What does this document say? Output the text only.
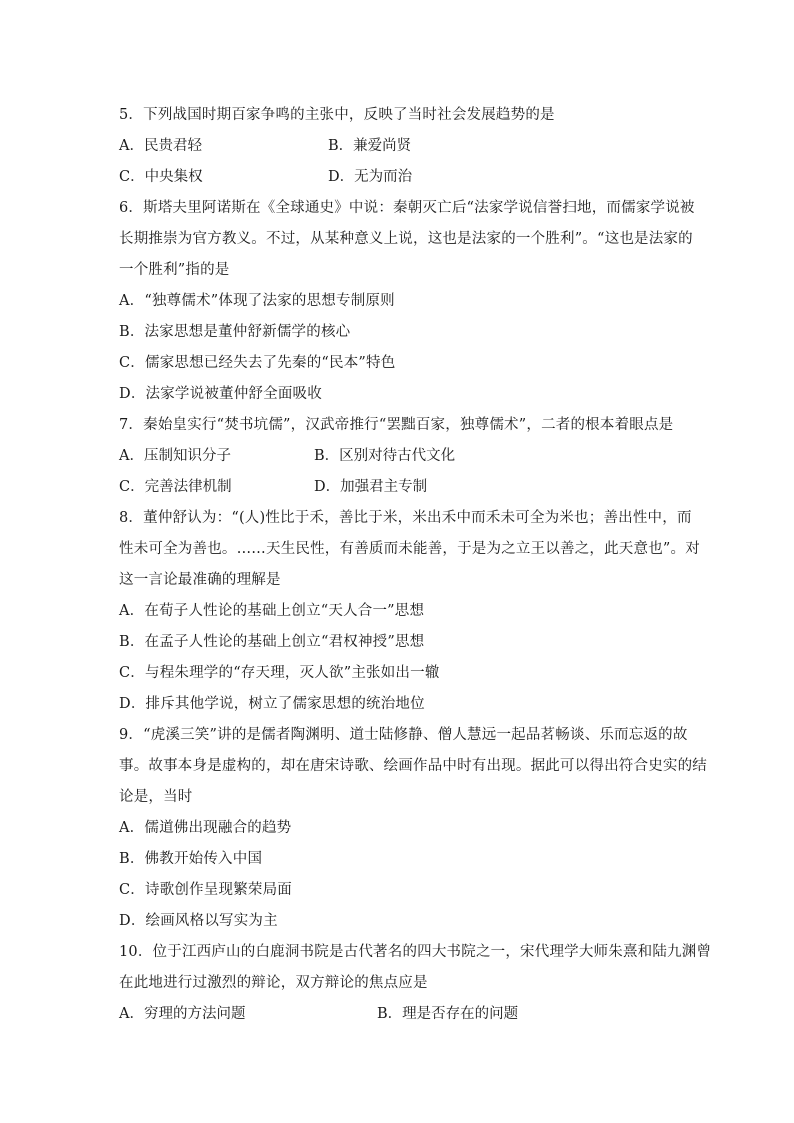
5．下列战国时期百家争鸣的主张中，反映了当时社会发展趋势的是
A．民贵君轻	B．兼爱尚贤
C．中央集权	D．无为而治
6．斯塔夫里阿诺斯在《全球通史》中说：秦朝灭亡后“法家学说信誉扫地，而儒家学说被
长期推崇为官方教义。不过，从某种意义上说，这也是法家的一个胜利”。“这也是法家的
一个胜利”指的是
A．“独尊儒术”体现了法家的思想专制原则
B．法家思想是董仲舒新儒学的核心
C．儒家思想已经失去了先秦的“民本”特色
D．法家学说被董仲舒全面吸收
7．秦始皇实行“焚书坑儒”，汉武帝推行“罢黜百家，独尊儒术”，二者的根本着眼点是
A．压制知识分子	B．区别对待古代文化
C．完善法律机制	D．加强君主专制
8．董仲舒认为：“(人)性比于禾，善比于米，米出禾中而禾未可全为米也；善出性中，而
性未可全为善也。……天生民性，有善质而未能善，于是为之立王以善之，此天意也”。对
这一言论最准确的理解是
A．在荀子人性论的基础上创立“天人合一”思想
B．在孟子人性论的基础上创立“君权神授”思想
C．与程朱理学的“存天理，灭人欲”主张如出一辙
D．排斥其他学说，树立了儒家思想的统治地位
9．“虎溪三笑”讲的是儒者陶渊明、道士陆修静、僧人慧远一起品茗畅谈、乐而忘返的故
事。故事本身是虚构的，却在唐宋诗歌、绘画作品中时有出现。据此可以得出符合史实的结
论是，当时
A．儒道佛出现融合的趋势
B．佛教开始传入中国
C．诗歌创作呈现繁荣局面
D．绘画风格以写实为主
10．位于江西庐山的白鹿洞书院是古代著名的四大书院之一，宋代理学大师朱熹和陆九渊曾
在此地进行过激烈的辩论，双方辩论的焦点应是
A．穷理的方法问题	B．理是否存在的问题
